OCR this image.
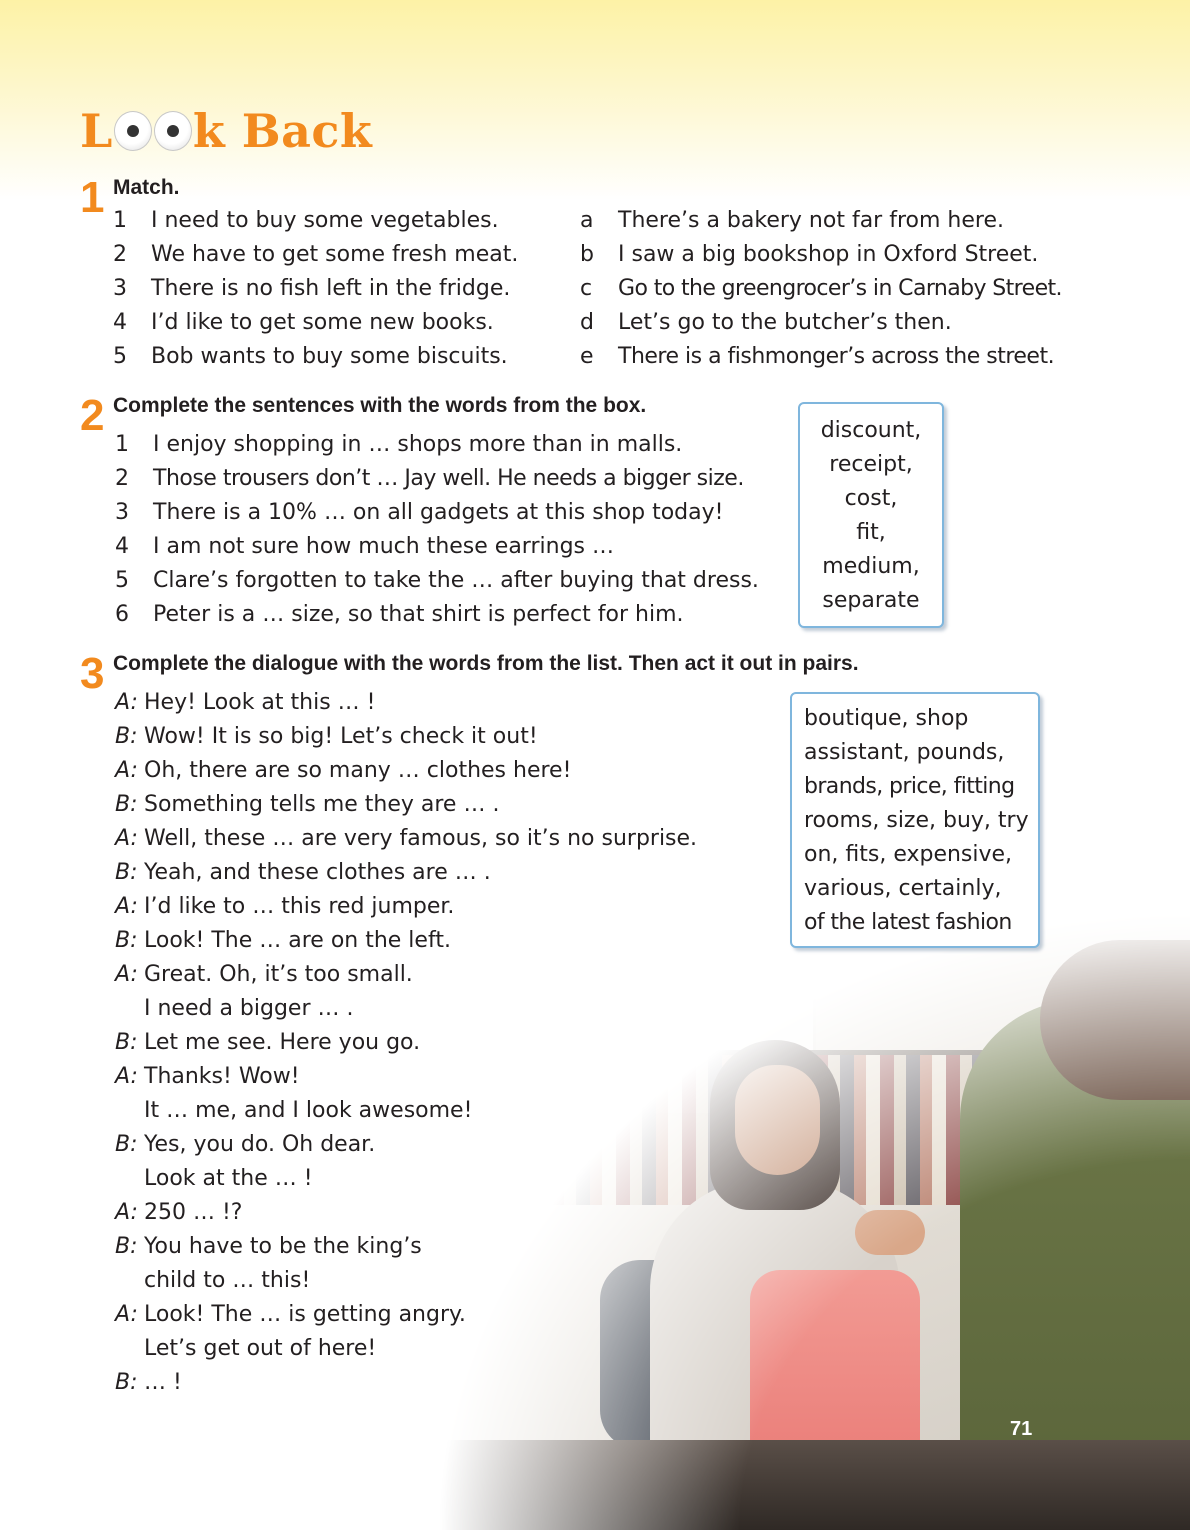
L k Back
1 Match.

1 I need to buy some vegetables.
2 We have to get some fresh meat.
3 There is no fish left in the fridge.
4 I’d like to get some new books.
5 Bob wants to buy some biscuits.
a There’s a bakery not far from here.
b I saw a big bookshop in Oxford Street.
c Go to the greengrocer’s in Carnaby Street.
d Let’s go to the butcher’s then.
e There is a fishmonger’s across the street.
2 Complete the sentences with the words from the box.

1 I enjoy shopping in … shops more than in malls.
2 Those trousers don’t … Jay well. He needs a bigger size.
3 There is a 10% … on all gadgets at this shop today!
4 I am not sure how much these earrings …
5 Clare’s forgotten to take the … after buying that dress.
6 Peter is a … size, so that shirt is perfect for him.
discount,
receipt,
cost,
fit,
medium,
separate
3 Complete the dialogue with the words from the list. Then act it out in pairs.

A: Hey! Look at this … !
B: Wow! It is so big! Let’s check it out!
A: Oh, there are so many … clothes here!
B: Something tells me they are … .
A: Well, these … are very famous, so it’s no surprise.
B: Yeah, and these clothes are … .
A: I’d like to … this red jumper.
B: Look! The … are on the left.
A: Great. Oh, it’s too small.
I need a bigger … .
B: Let me see. Here you go.
A: Thanks! Wow!
It … me, and I look awesome!
B: Yes, you do. Oh dear.
Look at the … !
A: 250 … !?
B: You have to be the king’s
child to … this!
A: Look! The … is getting angry.
Let’s get out of here!
B: … !
boutique, shop
assistant, pounds,
brands, price, fitting
rooms, size, buy, try
on, fits, expensive,
various, certainly,
of the latest fashion
71
